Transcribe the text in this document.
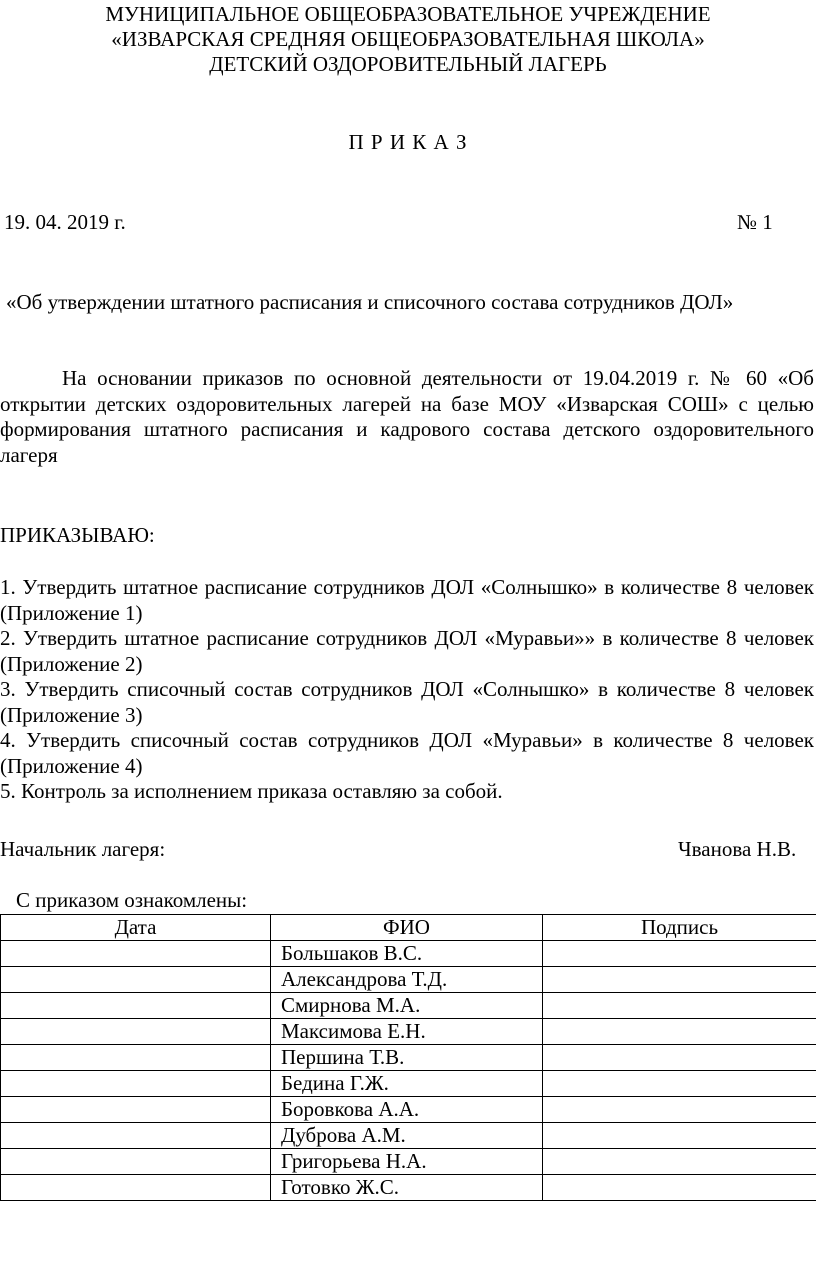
МУНИЦИПАЛЬНОЕ ОБЩЕОБРАЗОВАТЕЛЬНОЕ УЧРЕЖДЕНИЕ
«ИЗВАРСКАЯ СРЕДНЯЯ ОБЩЕОБРАЗОВАТЕЛЬНАЯ ШКОЛА»
ДЕТСКИЙ ОЗДОРОВИТЕЛЬНЫЙ ЛАГЕРЬ
П Р И К А З
19. 04. 2019 г.	№ 1
«Об утверждении штатного расписания и списочного состава сотрудников ДОЛ»

На основании приказов по основной деятельности от 19.04.2019 г. № 60 «Об открытии детских оздоровительных лагерей на базе МОУ «Изварская СОШ» с целью формирования штатного расписания и кадрового состава детского оздоровительного лагеря

ПРИКАЗЫВАЮ:

1. Утвердить штатное расписание сотрудников ДОЛ «Солнышко» в количестве 8 человек (Приложение 1)

2. Утвердить штатное расписание сотрудников ДОЛ «Муравьи»» в количестве 8 человек (Приложение 2)

3. Утвердить списочный состав сотрудников ДОЛ «Солнышко» в количестве 8 человек (Приложение 3)

4. Утвердить списочный состав сотрудников ДОЛ «Муравьи» в количестве 8 человек (Приложение 4)

5. Контроль за исполнением приказа оставляю за собой.

Начальник лагеря:	Чванова Н.В.
С приказом ознакомлены:
Дата	ФИО	Подпись
	Большаков В.С.	
	Александрова Т.Д.	
	Смирнова М.А.	
	Максимова Е.Н.	
	Першина Т.В.	
	Бедина Г.Ж.	
	Боровкова А.А.	
	Дуброва А.М.	
	Григорьева Н.А.	
	Готовко Ж.С.	
